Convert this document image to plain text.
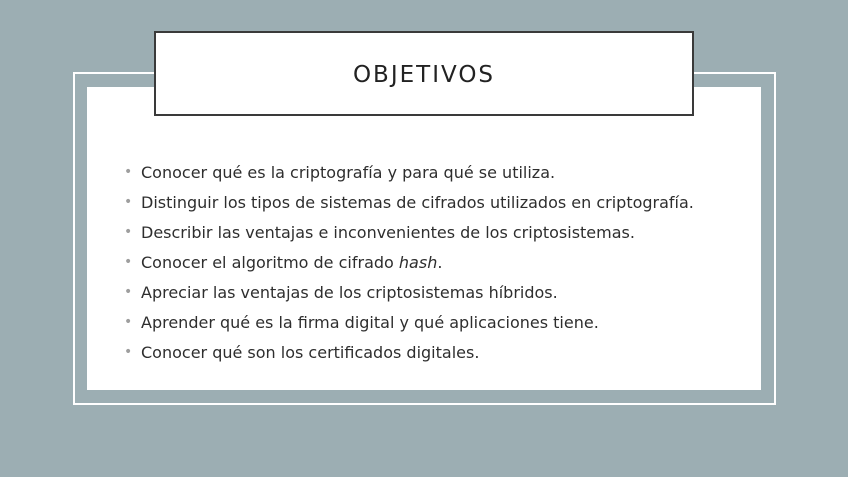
OBJETIVOS
• Conocer qué es la criptografía y para qué se utiliza.
• Distinguir los tipos de sistemas de cifrados utilizados en criptografía.
• Describir las ventajas e inconvenientes de los criptosistemas.
• Conocer el algoritmo de cifrado hash.
• Apreciar las ventajas de los criptosistemas híbridos.
• Aprender qué es la firma digital y qué aplicaciones tiene.
• Conocer qué son los certificados digitales.
